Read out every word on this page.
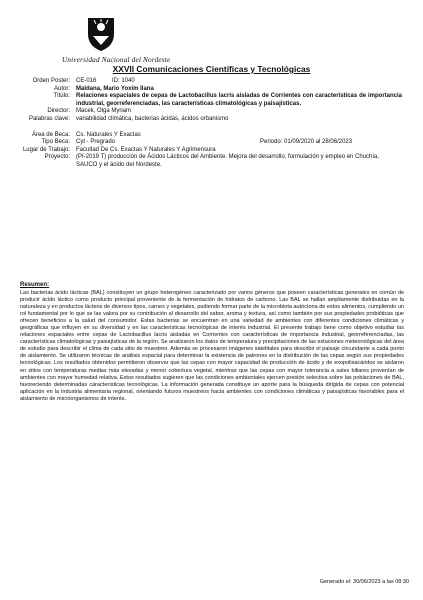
Universidad Nacional del Nordeste
XXVII Comunicaciones Científicas y Tecnológicas
Orden Poster:	CE-016	ID: 1040
Autor:	Maldana, Mario Yoxim Ilana
Título:	Relaciones espaciales de cepas de Lactobacillus lacris aisladas de Corrientes con características de importancia industrial, georreferenciadas, las características climatológicas y paisajísticas.
Director:	Macek, Olga Myriam
Palabras clave:	variabilidad climática, bacterias ácidas, ácidos orbanismo
Área de Beca:	Cs. Naturales Y Exactas
Tipo Beca:	Cyt - Pregrado	Periodo: 01/09/2020 al 28/06/2023
Lugar de Trabajo:	Facultad De Cs. Exactas Y Naturales Y Agrimensura
Proyecto:	(PI-2019 T) producción de Ácidos Lácticos del Ambiente. Mejora del desarrollo, formulación y empleo en Chuchía, SAUCO y el ácido del Nordeste.
Resumen:

Las bacterias ácido lácticas (BAL) constituyen un grupo heterogéneo caracterizado por varios géneros que poseen características generales en común de producir ácido láctico como producto principal proveniente de la fermentación de hidratos de carbono. Las BAL se hallan ampliamente distribuidas en la naturaleza y en productos lácteos de diversos tipos, carnes y vegetales, pudiendo formar parte de la microbiota autóctona de estos alimentos, cumpliendo un rol fundamental por lo que se las valora por su contribución al desarrollo del sabor, aroma y textura, así como también por sus propiedades probióticas que ofrecen beneficios a la salud del consumidor. Estas bacterias se encuentran en una variedad de ambientes con diferentes condiciones climáticas y geográficas que influyen en su diversidad y en las características tecnológicas de interés industrial. El presente trabajo tiene como objetivo estudiar las relaciones espaciales entre cepas de Lactobacillus lacris aisladas en Corrientes con características de importancia industrial, georreferenciadas, las características climatológicas y paisajísticas de la región. Se analizaron los datos de temperatura y precipitaciones de las estaciones meteorológicas del área de estudio para describir el clima de cada sitio de muestreo. Además se procesaron imágenes satelitales para describir el paisaje circundante a cada punto de aislamiento. Se utilizaron técnicas de análisis espacial para determinar la existencia de patrones en la distribución de las cepas según sus propiedades tecnológicas. Los resultados obtenidos permitieron observar que las cepas con mayor capacidad de producción de ácido y de exopolisacáridos se aislaron en sitios con temperaturas medias más elevadas y menor cobertura vegetal, mientras que las cepas con mayor tolerancia a sales biliares provenían de ambientes con mayor humedad relativa. Estos resultados sugieren que las condiciones ambientales ejercen presión selectiva sobre las poblaciones de BAL, favoreciendo determinadas características tecnológicas. La información generada constituye un aporte para la búsqueda dirigida de cepas con potencial aplicación en la industria alimentaria regional, orientando futuros muestreos hacia ambientes con condiciones climáticas y paisajísticas favorables para el aislamiento de microorganismos de interés.

Generado el: 30/06/2023 a las 08:30
